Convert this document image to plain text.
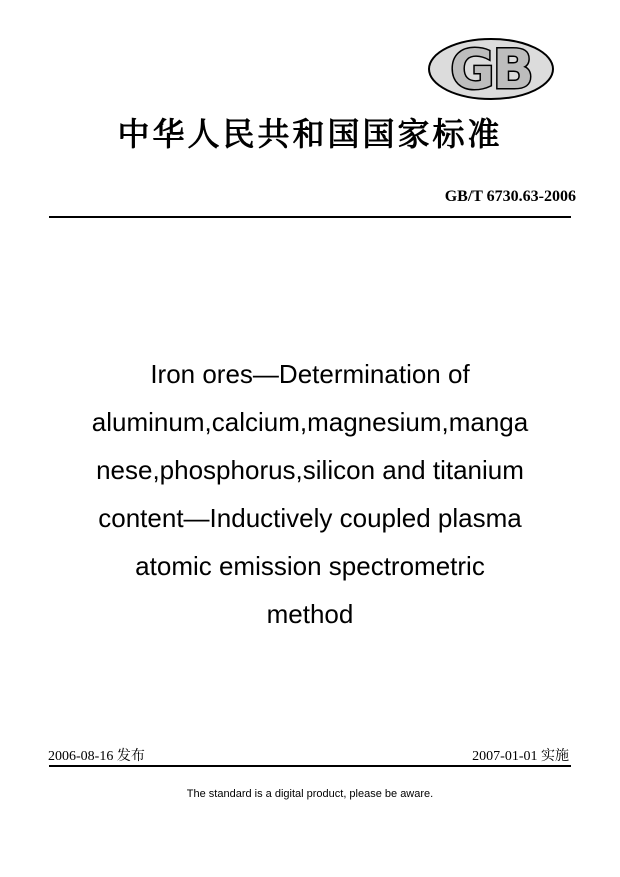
GB
中华人民共和国国家标准
GB/T 6730.63-2006
Iron ores—Determination of
aluminum,calcium,magnesium,manga
nese,phosphorus,silicon and titanium
content—Inductively coupled plasma
atomic emission spectrometric
method
2006-08-16 发布	2007-01-01 实施
The standard is a digital product, please be aware.
